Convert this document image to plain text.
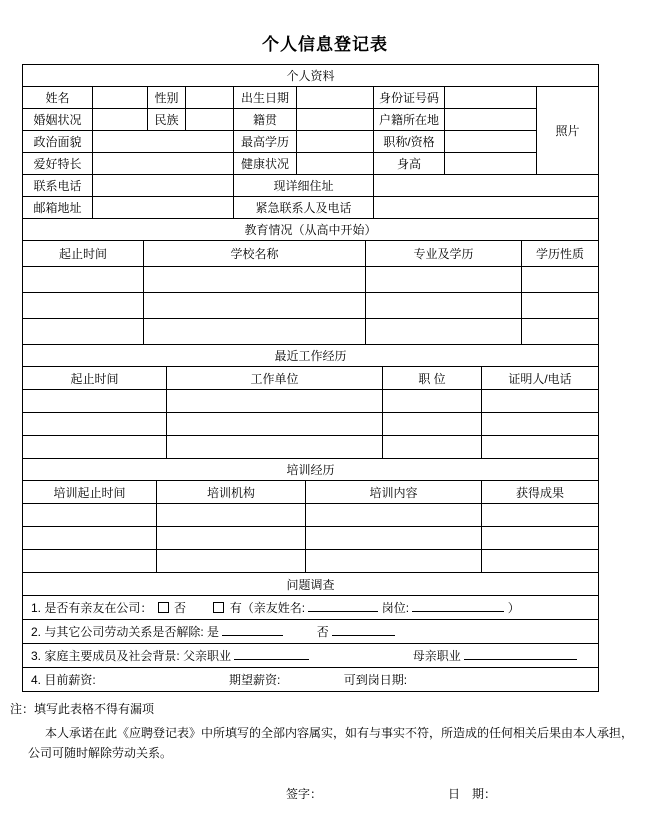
个人信息登记表
个人资料								
姓名		性别		出生日期		身份证号码		照片
婚姻状况		民族		籍贯		户籍所在地		
政治面貌				最高学历		职称/资格		
爱好特长				健康状况		身高		
联系电话				现详细住址				
邮箱地址				紧急联系人及电话				
教育情况（从高中开始）			
起止时间	学校名称	专业及学历	学历性质

最近工作经历			
起止时间	工作单位	职 位	证明人/电话

培训经历			
培训起止时间	培训机构	培训内容	获得成果

问题调查
1. 是否有亲友在公司： 否	有（亲友姓名:	岗位:	）
2. 与其它公司劳动关系是否解除: 是	否
3. 家庭主要成员及社会背景: 父亲职业	母亲职业
4. 目前薪资:	期望薪资:	可到岗日期:
注：填写此表格不得有漏项

本人承诺在此《应聘登记表》中所填写的全部内容属实，如有与事实不符，所造成的任何相关后果由本人承担，公司可随时解除劳动关系。

签字：	日　期：
